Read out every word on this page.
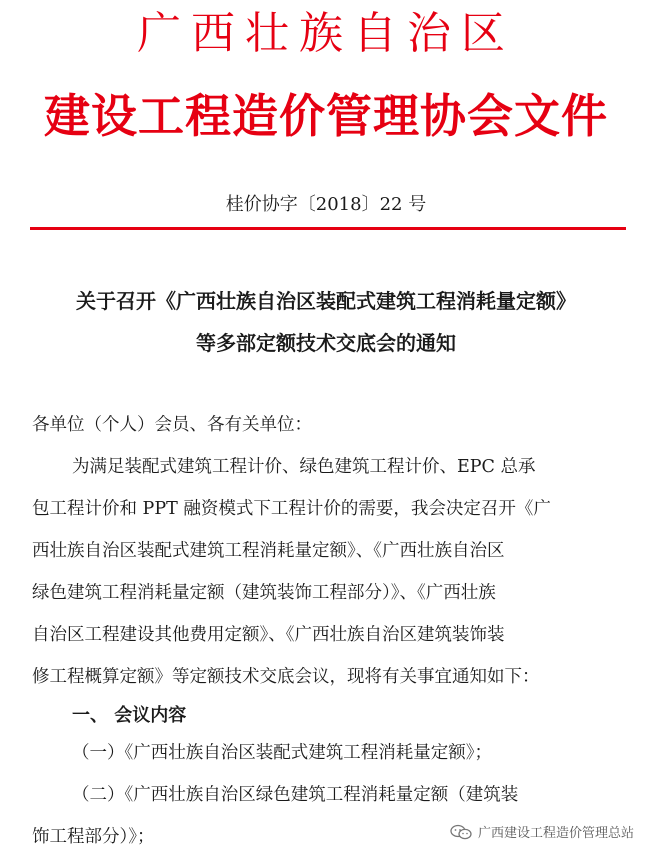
广西壮族自治区
建设工程造价管理协会文件
桂价协字〔2018〕22 号
关于召开《广西壮族自治区装配式建筑工程消耗量定额》
等多部定额技术交底会的通知
各单位（个人）会员、各有关单位：
为满足装配式建筑工程计价、绿色建筑工程计价、EPC 总承
包工程计价和 PPT 融资模式下工程计价的需要，我会决定召开《广
西壮族自治区装配式建筑工程消耗量定额》、《广西壮族自治区
绿色建筑工程消耗量定额（建筑装饰工程部分）》、《广西壮族
自治区工程建设其他费用定额》、《广西壮族自治区建筑装饰装
修工程概算定额》等定额技术交底会议，现将有关事宜通知如下：
一、 会议内容
（一）《广西壮族自治区装配式建筑工程消耗量定额》；
（二）《广西壮族自治区绿色建筑工程消耗量定额（建筑装
饰工程部分）》；	广西建设工程造价管理总站
